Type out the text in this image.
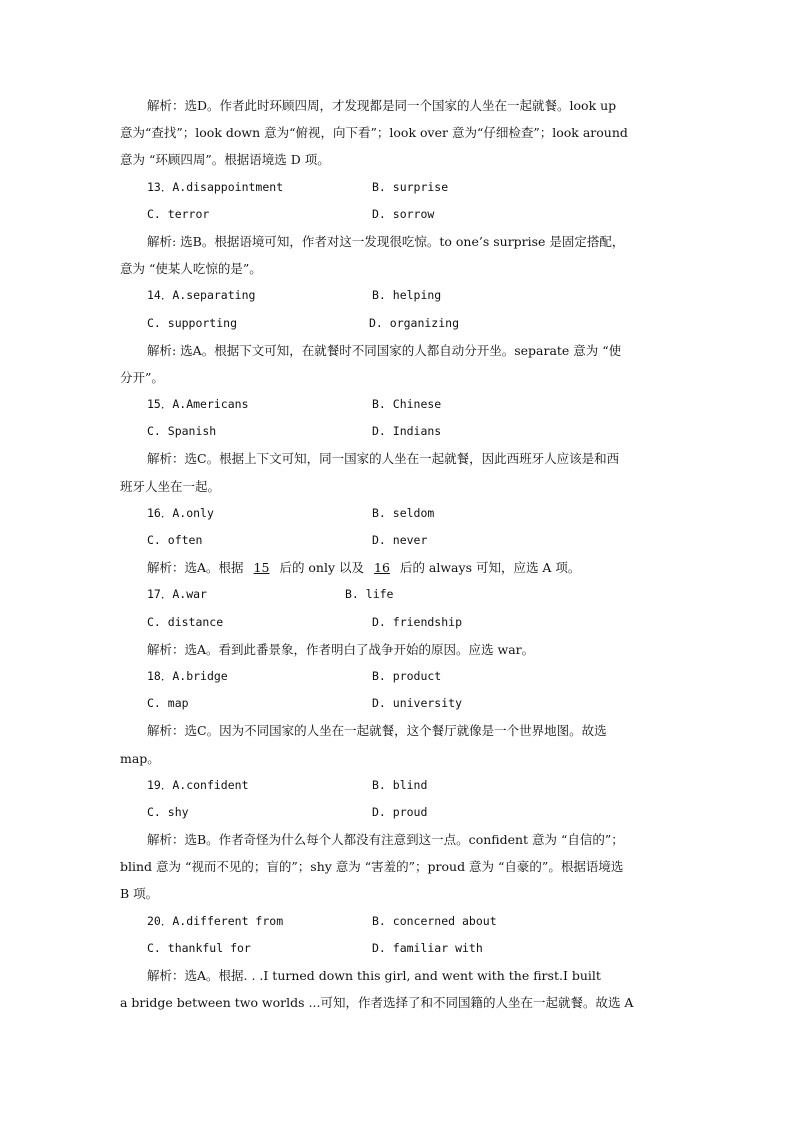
解析：选D。作者此时环顾四周，才发现都是同一个国家的人坐在一起就餐。look up
意为“查找”；look down 意为“俯视，向下看”；look over 意为“仔细检查”；look around
意为 “环顾四周”。根据语境选 D 项。
13．A.disappointment	B. surprise
C. terror	D. sorrow
解析: 选B。根据语境可知，作者对这一发现很吃惊。to one’s surprise 是固定搭配，
意为 “使某人吃惊的是”。
14．A.separating	B. helping
C. supporting	D. organizing
解析: 选A。根据下文可知，在就餐时不同国家的人都自动分开坐。separate 意为 “使
分开”。
15．A.Americans	B. Chinese
C. Spanish	D. Indians
解析：选C。根据上下文可知，同一国家的人坐在一起就餐，因此西班牙人应该是和西
班牙人坐在一起。
16．A.only	B. seldom
C. often	D. never
解析：选A。根据 15 后的 only 以及 16 后的 always 可知，应选 A 项。
17．A.war	B. life
C. distance	D. friendship
解析：选A。看到此番景象，作者明白了战争开始的原因。应选 war。
18．A.bridge	B. product
C. map	D. university
解析：选C。因为不同国家的人坐在一起就餐，这个餐厅就像是一个世界地图。故选
map。
19．A.confident	B. blind
C. shy	D. proud
解析：选B。作者奇怪为什么每个人都没有注意到这一点。confident 意为 “自信的”；
blind 意为 “视而不见的；盲的”；shy 意为 “害羞的”；proud 意为 “自豪的”。根据语境选
B 项。
20．A.different from	B. concerned about
C. thankful for	D. familiar with
解析：选A。根据. . .I turned down this girl, and went with the first.I built
a bridge between two worlds ...可知，作者选择了和不同国籍的人坐在一起就餐。故选 A
